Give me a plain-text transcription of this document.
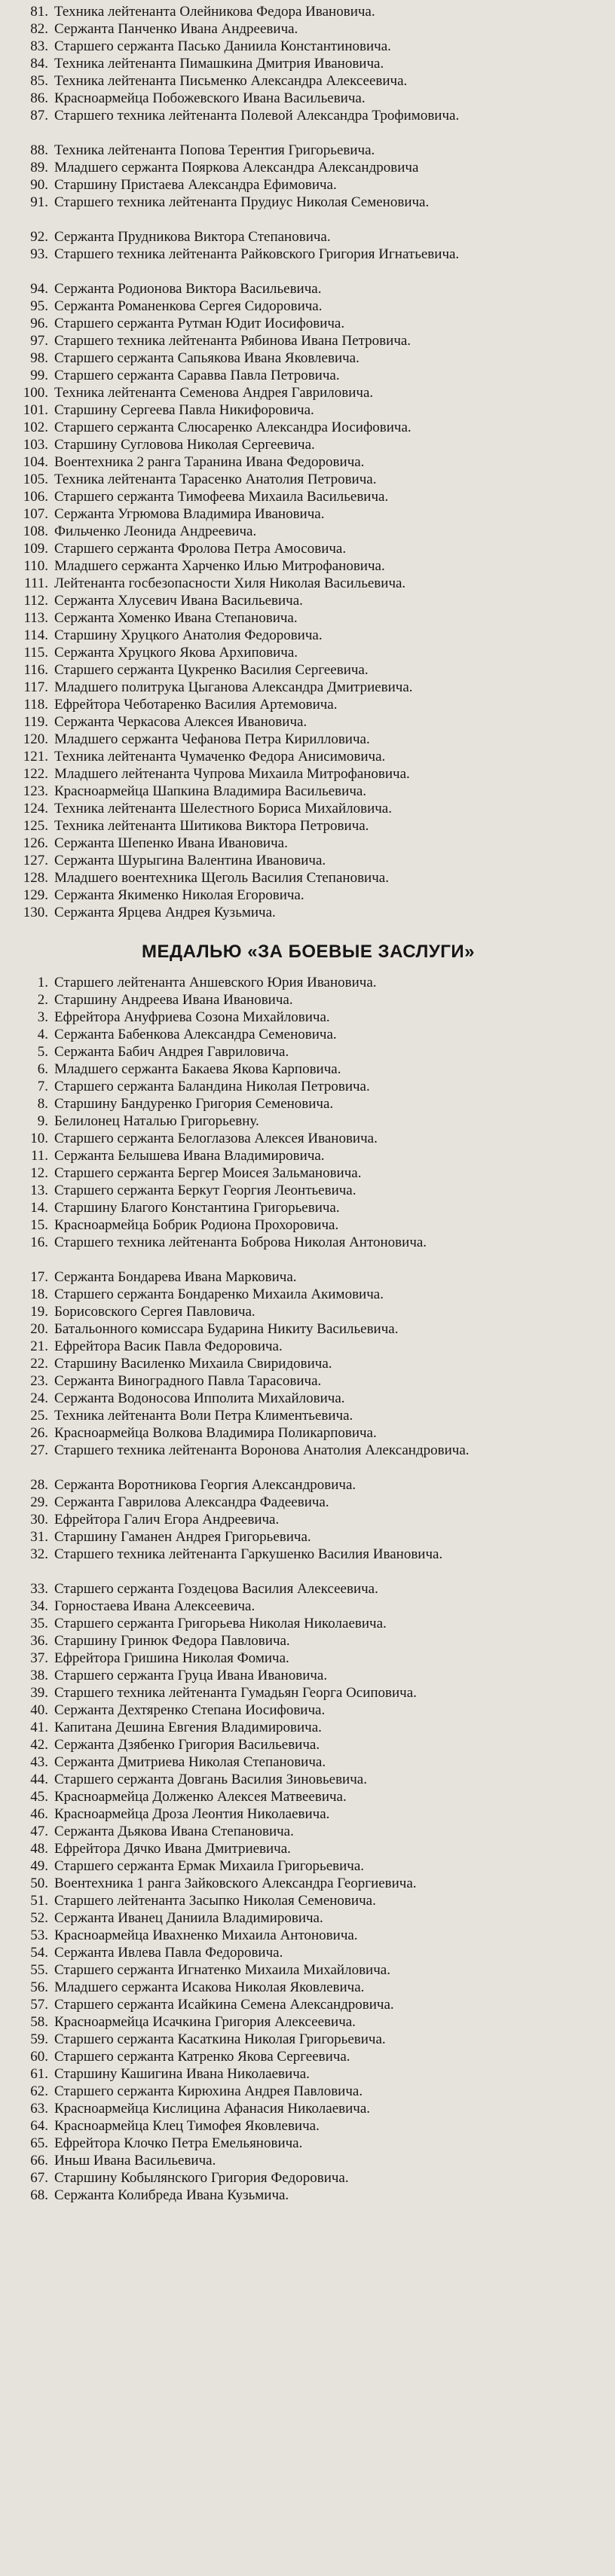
81. Техника лейтенанта Олейникова Федора Ивановича.
82. Сержанта Панченко Ивана Андреевича.
83. Старшего сержанта Пасько Даниила Константиновича.
84. Техника лейтенанта Пимашкина Дмитрия Ивановича.
85. Техника лейтенанта Письменко Александра Алексеевича.
86. Красноармейца Побожевского Ивана Васильевича.
87. Старшего техника лейтенанта Полевой Александра Трофимовича.
88. Техника лейтенанта Попова Терентия Григорьевича.
89. Младшего сержанта Пояркова Александра Александровича
90. Старшину Пристаева Александра Ефимовича.
91. Старшего техника лейтенанта Прудиус Николая Семеновича.
92. Сержанта Прудникова Виктора Степановича.
93. Старшего техника лейтенанта Райковского Григория Игнатьевича.
94. Сержанта Родионова Виктора Васильевича.
95. Сержанта Романенкова Сергея Сидоровича.
96. Старшего сержанта Рутман Юдит Иосифовича.
97. Старшего техника лейтенанта Рябинова Ивана Петровича.
98. Старшего сержанта Сапьякова Ивана Яковлевича.
99. Старшего сержанта Саравва Павла Петровича.
100. Техника лейтенанта Семенова Андрея Гавриловича.
101. Старшину Сергеева Павла Никифоровича.
102. Старшего сержанта Слюсаренко Александра Иосифовича.
103. Старшину Сугловова Николая Сергеевича.
104. Воентехника 2 ранга Таранина Ивана Федоровича.
105. Техника лейтенанта Тарасенко Анатолия Петровича.
106. Старшего сержанта Тимофеева Михаила Васильевича.
107. Сержанта Угрюмова Владимира Ивановича.
108. Фильченко Леонида Андреевича.
109. Старшего сержанта Фролова Петра Амосовича.
110. Младшего сержанта Харченко Илью Митрофановича.
111. Лейтенанта госбезопасности Хиля Николая Васильевича.
112. Сержанта Хлусевич Ивана Васильевича.
113. Сержанта Хоменко Ивана Степановича.
114. Старшину Хруцкого Анатолия Федоровича.
115. Сержанта Хруцкого Якова Архиповича.
116. Старшего сержанта Цукренко Василия Сергеевича.
117. Младшего политрука Цыганова Александра Дмитриевича.
118. Ефрейтора Чеботаренко Василия Артемовича.
119. Сержанта Черкасова Алексея Ивановича.
120. Младшего сержанта Чефанова Петра Кирилловича.
121. Техника лейтенанта Чумаченко Федора Анисимовича.
122. Младшего лейтенанта Чупрова Михаила Митрофановича.
123. Красноармейца Шапкина Владимира Васильевича.
124. Техника лейтенанта Шелестного Бориса Михайловича.
125. Техника лейтенанта Шитикова Виктора Петровича.
126. Сержанта Шепенко Ивана Ивановича.
127. Сержанта Шурыгина Валентина Ивановича.
128. Младшего воентехника Щеголь Василия Степановича.
129. Сержанта Якименко Николая Егоровича.
130. Сержанта Ярцева Андрея Кузьмича.
МЕДАЛЬЮ «ЗА БОЕВЫЕ ЗАСЛУГИ»
1. Старшего лейтенанта Аншевского Юрия Ивановича.
2. Старшину Андреева Ивана Ивановича.
3. Ефрейтора Ануфриева Созона Михайловича.
4. Сержанта Бабенкова Александра Семеновича.
5. Сержанта Бабич Андрея Гавриловича.
6. Младшего сержанта Бакаева Якова Карповича.
7. Старшего сержанта Баландина Николая Петровича.
8. Старшину Бандуренко Григория Семеновича.
9. Белилонец Наталью Григорьевну.
10. Старшего сержанта Белоглазова Алексея Ивановича.
11. Сержанта Белышева Ивана Владимировича.
12. Старшего сержанта Бергер Моисея Зальмановича.
13. Старшего сержанта Беркут Георгия Леонтьевича.
14. Старшину Благого Константина Григорьевича.
15. Красноармейца Бобрик Родиона Прохоровича.
16. Старшего техника лейтенанта Боброва Николая Антоновича.
17. Сержанта Бондарева Ивана Марковича.
18. Старшего сержанта Бондаренко Михаила Акимовича.
19. Борисовского Сергея Павловича.
20. Батальонного комиссара Бударина Никиту Васильевича.
21. Ефрейтора Васик Павла Федоровича.
22. Старшину Василенко Михаила Свиридовича.
23. Сержанта Виноградного Павла Тарасовича.
24. Сержанта Водоносова Ипполита Михайловича.
25. Техника лейтенанта Воли Петра Климентьевича.
26. Красноармейца Волкова Владимира Поликарповича.
27. Старшего техника лейтенанта Воронова Анатолия Александровича.
28. Сержанта Воротникова Георгия Александровича.
29. Сержанта Гаврилова Александра Фадеевича.
30. Ефрейтора Галич Егора Андреевича.
31. Старшину Гаманен Андрея Григорьевича.
32. Старшего техника лейтенанта Гаркушенко Василия Ивановича.
33. Старшего сержанта Гоздецова Василия Алексеевича.
34. Горностаева Ивана Алексеевича.
35. Старшего сержанта Григорьева Николая Николаевича.
36. Старшину Гринюк Федора Павловича.
37. Ефрейтора Гришина Николая Фомича.
38. Старшего сержанта Груца Ивана Ивановича.
39. Старшего техника лейтенанта Гумадьян Георга Осиповича.
40. Сержанта Дехтяренко Степана Иосифовича.
41. Капитана Дешина Евгения Владимировича.
42. Сержанта Дзябенко Григория Васильевича.
43. Сержанта Дмитриева Николая Степановича.
44. Старшего сержанта Довгань Василия Зиновьевича.
45. Красноармейца Долженко Алексея Матвеевича.
46. Красноармейца Дроза Леонтия Николаевича.
47. Сержанта Дьякова Ивана Степановича.
48. Ефрейтора Дячко Ивана Дмитриевича.
49. Старшего сержанта Ермак Михаила Григорьевича.
50. Воентехника 1 ранга Зайковского Александра Георгиевича.
51. Старшего лейтенанта Засыпко Николая Семеновича.
52. Сержанта Иванец Даниила Владимировича.
53. Красноармейца Ивахненко Михаила Антоновича.
54. Сержанта Ивлева Павла Федоровича.
55. Старшего сержанта Игнатенко Михаила Михайловича.
56. Младшего сержанта Исакова Николая Яковлевича.
57. Старшего сержанта Исайкина Семена Александровича.
58. Красноармейца Исачкина Григория Алексеевича.
59. Старшего сержанта Касаткина Николая Григорьевича.
60. Старшего сержанта Катренко Якова Сергеевича.
61. Старшину Кашигина Ивана Николаевича.
62. Старшего сержанта Кирюхина Андрея Павловича.
63. Красноармейца Кислицина Афанасия Николаевича.
64. Красноармейца Клец Тимофея Яковлевича.
65. Ефрейтора Клочко Петра Емельяновича.
66. Иньш Ивана Васильевича.
67. Старшину Кобылянского Григория Федоровича.
68. Сержанта Колибреда Ивана Кузьмича.
